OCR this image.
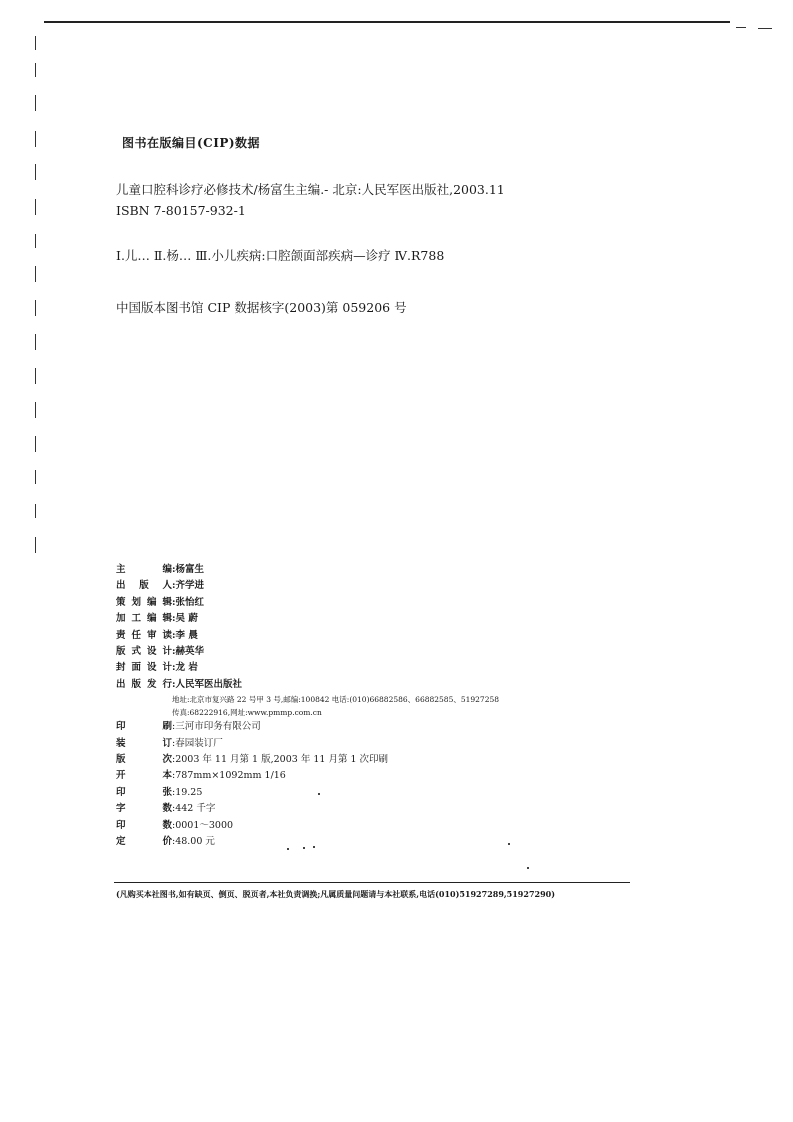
图书在版编目(CIP)数据
儿童口腔科诊疗必修技术/杨富生主编.- 北京:人民军医出版社,2003.11
ISBN 7-80157-932-1
Ⅰ.儿… Ⅱ.杨… Ⅲ.小儿疾病:口腔颌面部疾病—诊疗 Ⅳ.R788
中国版本图书馆 CIP 数据核字(2003)第 059206 号
主编:杨富生
出版人:齐学进
策划编辑:张怡红
加工编辑:吴 蔚
责任审读:李 晨
版式设计:赫英华
封面设计:龙 岩
出版发行:人民军医出版社
地址:北京市复兴路 22 号甲 3 号,邮编:100842 电话:(010)66882586、66882585、51927258
传真:68222916,网址:www.pmmp.com.cn
印刷:三河市印务有限公司
装订:春园装订厂
版次:2003 年 11 月第 1 版,2003 年 11 月第 1 次印刷
开本:787mm×1092mm 1/16
印张:19.25
字数:442 千字
印数:0001～3000
定价:48.00 元
(凡购买本社图书,如有缺页、倒页、脱页者,本社负责调换;凡属质量问题请与本社联系,电话(010)51927289,51927290)
